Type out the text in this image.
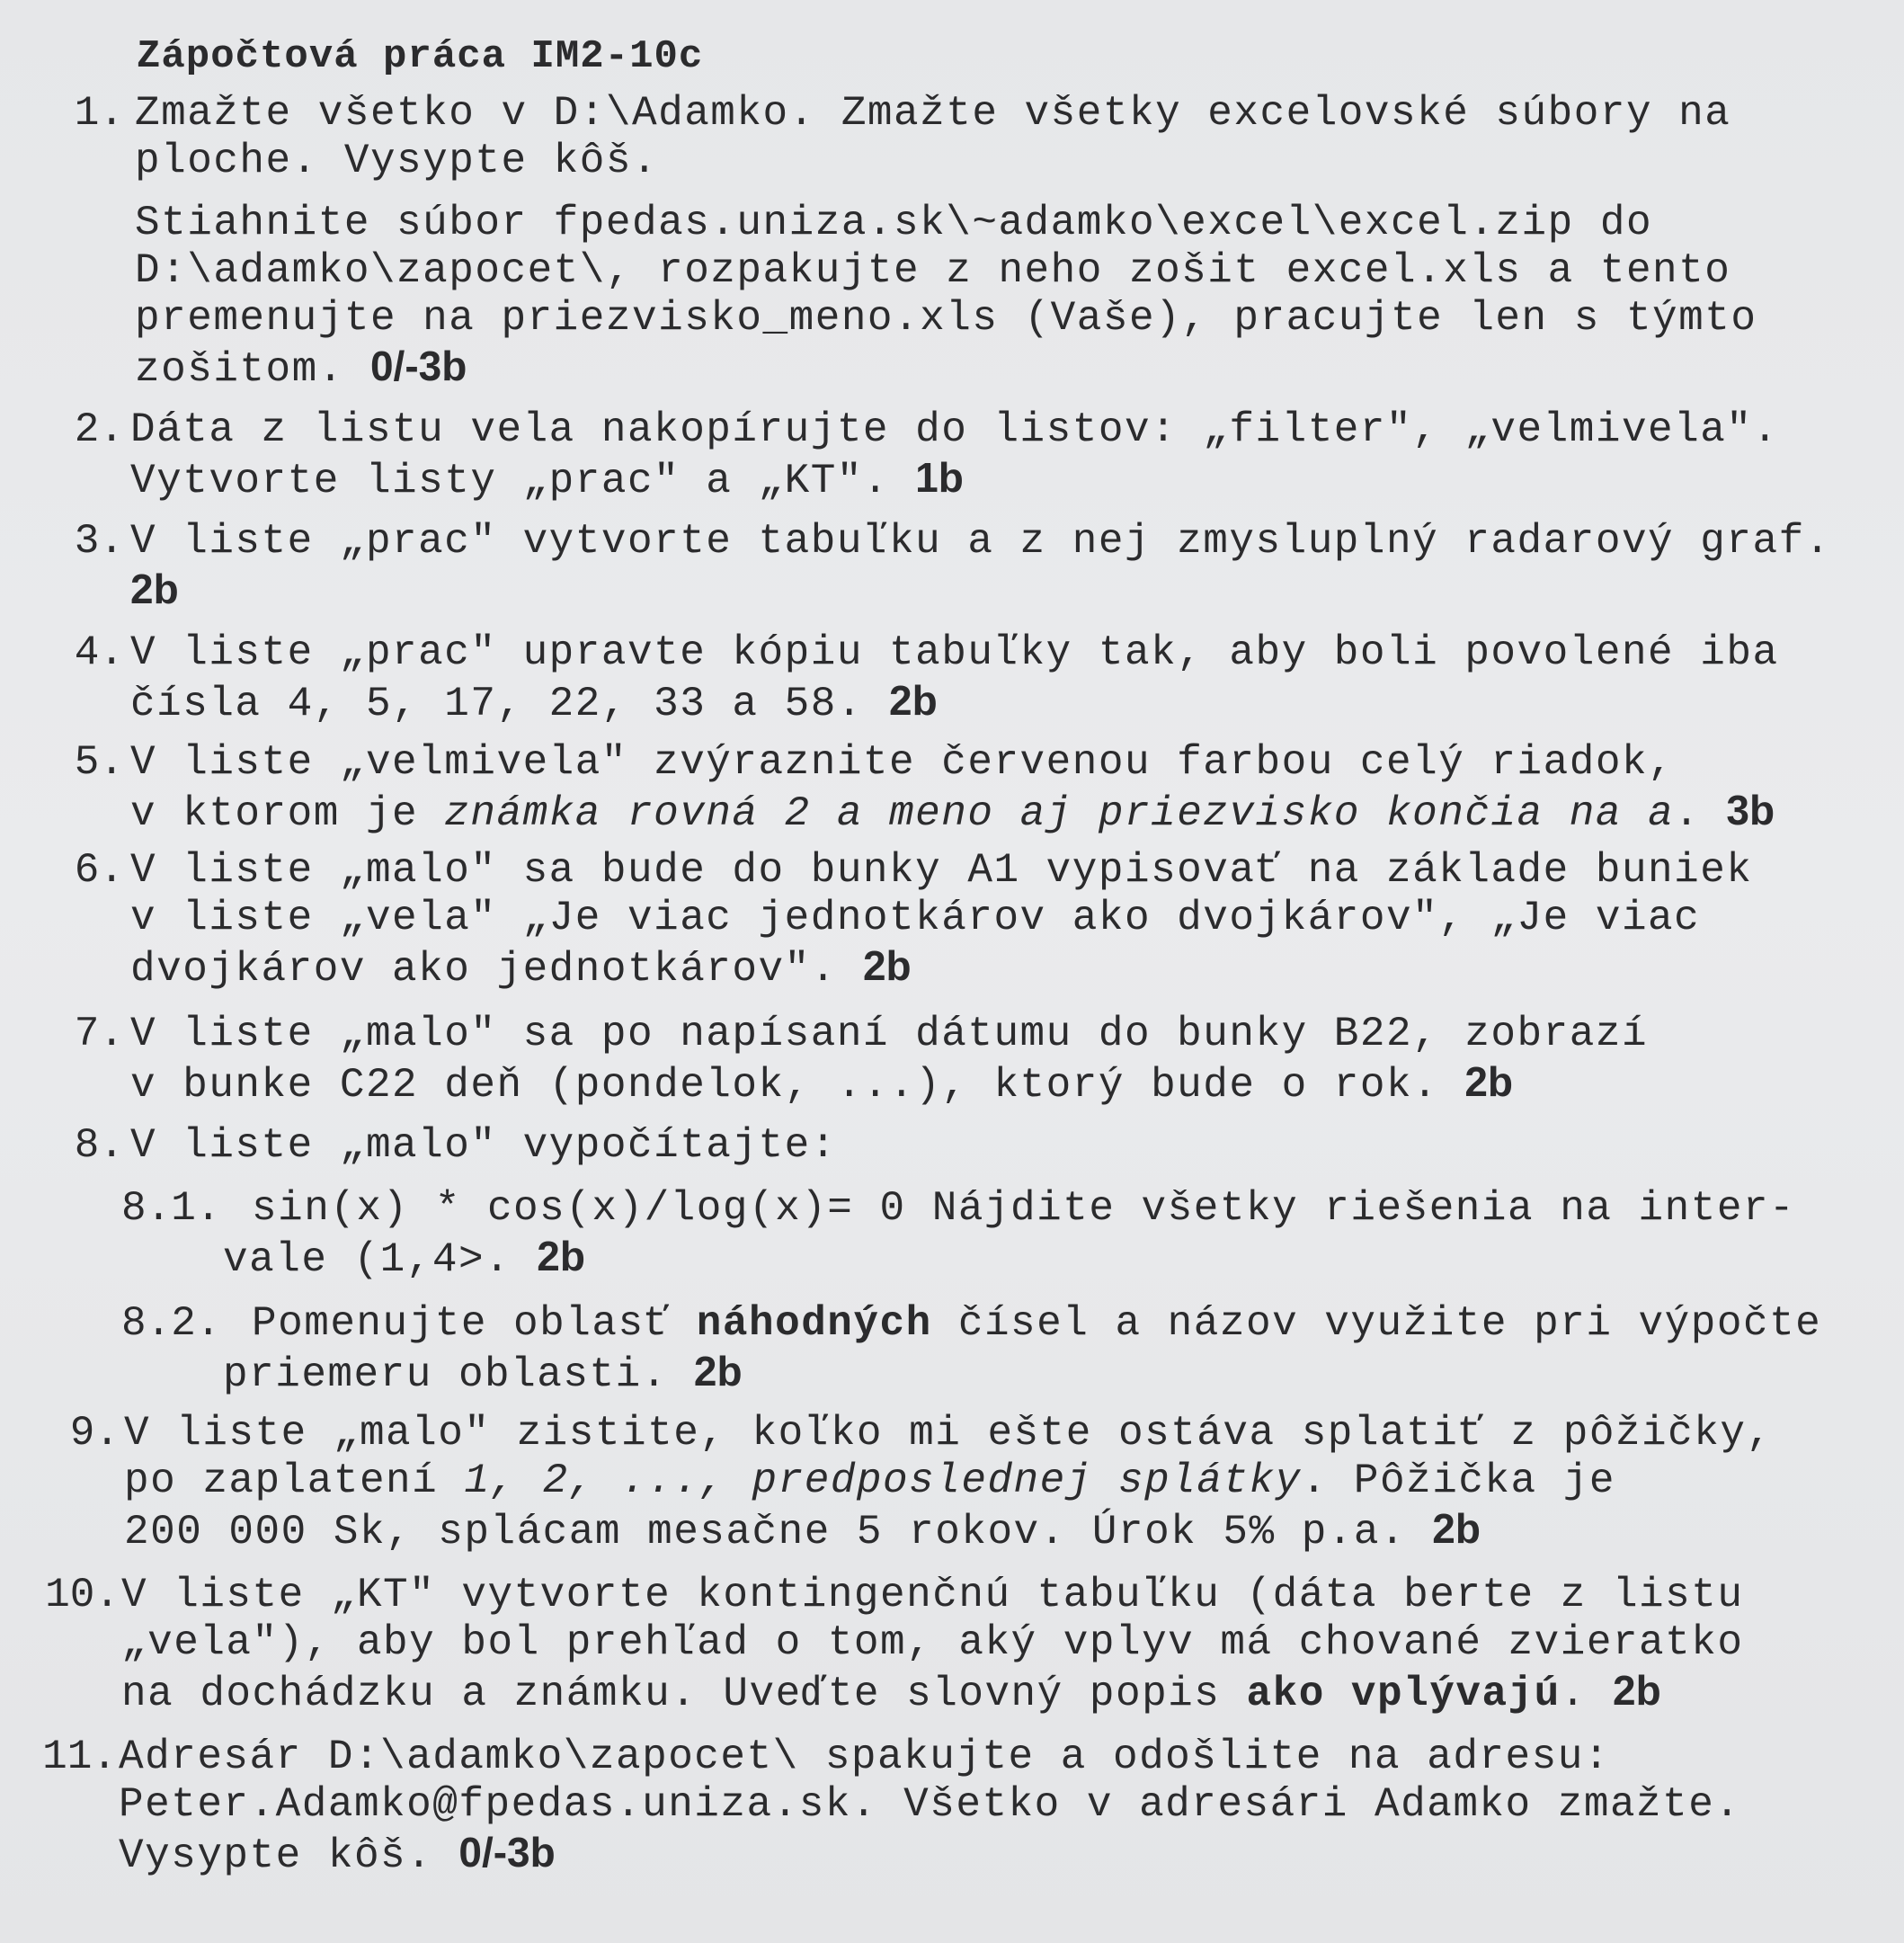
Zápočtová práca IM2-10c
1. Zmažte všetko v D:\Adamko. Zmažte všetky excelovské súbory na
ploche. Vysypte kôš.
Stiahnite súbor fpedas.uniza.sk\~adamko\excel\excel.zip do
D:\adamko\zapocet\, rozpakujte z neho zošit excel.xls a tento
premenujte na priezvisko_meno.xls (Vaše), pracujte len s týmto
zošitom. 0/-3b
2. Dáta z listu vela nakopírujte do listov: „filter", „velmivela".
Vytvorte listy „prac" a „KT". 1b
3. V liste „prac" vytvorte tabuľku a z nej zmysluplný radarový graf.
2b
4. V liste „prac" upravte kópiu tabuľky tak, aby boli povolené iba
čísla 4, 5, 17, 22, 33 a 58. 2b
5. V liste „velmivela" zvýraznite červenou farbou celý riadok,
v ktorom je známka rovná 2 a meno aj priezvisko končia na a. 3b
6. V liste „malo" sa bude do bunky A1 vypisovať na základe buniek
v liste „vela" „Je viac jednotkárov ako dvojkárov", „Je viac
dvojkárov ako jednotkárov". 2b
7. V liste „malo" sa po napísaní dátumu do bunky B22, zobrazí
v bunke C22 deň (pondelok, ...), ktorý bude o rok. 2b
8. V liste „malo" vypočítajte:
8.1. sin(x) * cos(x)/log(x)= 0 Nájdite všetky riešenia na inter-
vale (1,4>. 2b
8.2. Pomenujte oblasť náhodných čísel a názov využite pri výpočte
priemeru oblasti. 2b
9. V liste „malo" zistite, koľko mi ešte ostáva splatiť z pôžičky,
po zaplatení 1, 2, ..., predposlednej splátky. Pôžička je
200 000 Sk, splácam mesačne 5 rokov. Úrok 5% p.a. 2b
10. V liste „KT" vytvorte kontingenčnú tabuľku (dáta berte z listu
„vela"), aby bol prehľad o tom, aký vplyv má chované zvieratko
na dochádzku a známku. Uveďte slovný popis ako vplývajú. 2b
11. Adresár D:\adamko\zapocet\ spakujte a odošlite na adresu:
Peter.Adamko@fpedas.uniza.sk. Všetko v adresári Adamko zmažte.
Vysypte kôš. 0/-3b
